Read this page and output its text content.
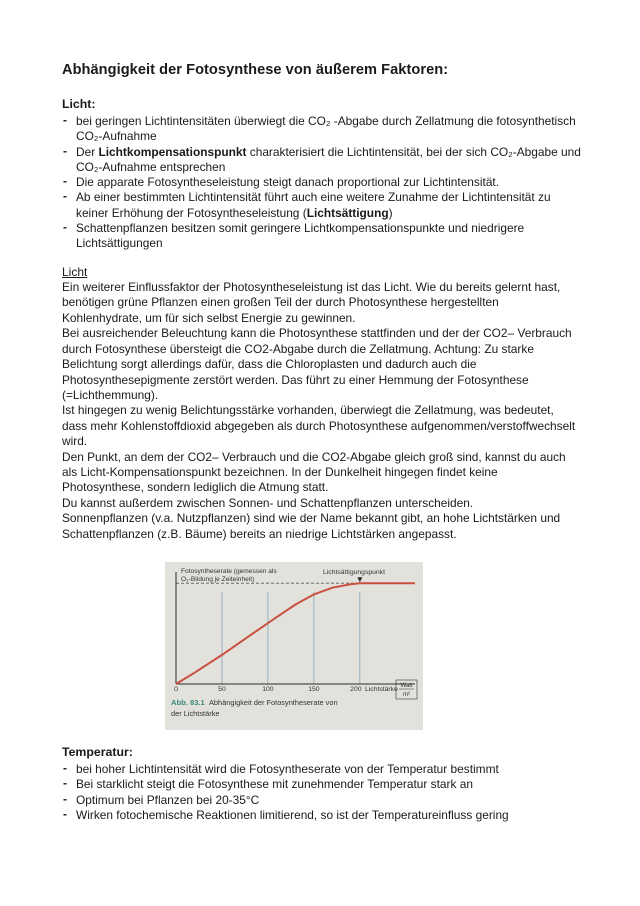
Abhängigkeit der Fotosynthese von äußerem Faktoren:
Licht:
- bei geringen Lichtintensitäten überwiegt die CO₂ -Abgabe durch Zellatmung die fotosynthetisch CO₂-Aufnahme
- Der Lichtkompensationspunkt charakterisiert die Lichtintensität, bei der sich CO₂-Abgabe und CO₂-Aufnahme entsprechen
- Die apparate Fotosyntheseleistung steigt danach proportional zur Lichtintensität.
- Ab einer bestimmten Lichtintensität führt auch eine weitere Zunahme der Lichtintensität zu keiner Erhöhung der Fotosyntheseleistung (Lichtsättigung)
- Schattenpflanzen besitzen somit geringere Lichtkompensationspunkte und niedrigere Lichtsättigungen
Licht
Ein weiterer Einflussfaktor der Photosyntheseleistung ist das Licht. Wie du bereits gelernt hast, benötigen grüne Pflanzen einen großen Teil der durch Photosynthese hergestellten Kohlenhydrate, um für sich selbst Energie zu gewinnen.
Bei ausreichender Beleuchtung kann die Photosynthese stattfinden und der der CO2– Verbrauch durch Fotosynthese übersteigt die CO2-Abgabe durch die Zellatmung. Achtung: Zu starke Belichtung sorgt allerdings dafür, dass die Chloroplasten und dadurch auch die Photosynthesepigmente zerstört werden. Das führt zu einer Hemmung der Fotosynthese (=Lichthemmung).
Ist hingegen zu wenig Belichtungsstärke vorhanden, überwiegt die Zellatmung, was bedeutet, dass mehr Kohlenstoffdioxid abgegeben als durch Photosynthese aufgenommen/verstoffwechselt wird.
Den Punkt, an dem der CO2– Verbrauch und die CO2-Abgabe gleich groß sind, kannst du auch als Licht-Kompensationspunkt bezeichnen. In der Dunkelheit hingegen findet keine Photosynthese, sondern lediglich die Atmung statt.
Du kannst außerdem zwischen Sonnen- und Schattenpflanzen unterscheiden.
Sonnenpflanzen (v.a. Nutzpflanzen) sind wie der Name bekannt gibt, an hohe Lichtstärken und Schattenpflanzen (z.B. Bäume) bereits an niedrige Lichtstärken angepasst.
Fotosyntheserate (gemessen als
O₂-Bildung je Zeiteinheit)
Lichtsättigungspunkt
0	50	100	150	200 Lichtstärke Watt
m²
Abb. 83.1 Abhängigkeit der Fotosyntheserate von
der Lichtstärke
Temperatur:
- bei hoher Lichtintensität wird die Fotosyntheserate von der Temperatur bestimmt
- Bei starklicht steigt die Fotosynthese mit zunehmender Temperatur stark an
- Optimum bei Pflanzen bei 20-35°C
- Wirken fotochemische Reaktionen limitierend, so ist der Temperatureinfluss gering
